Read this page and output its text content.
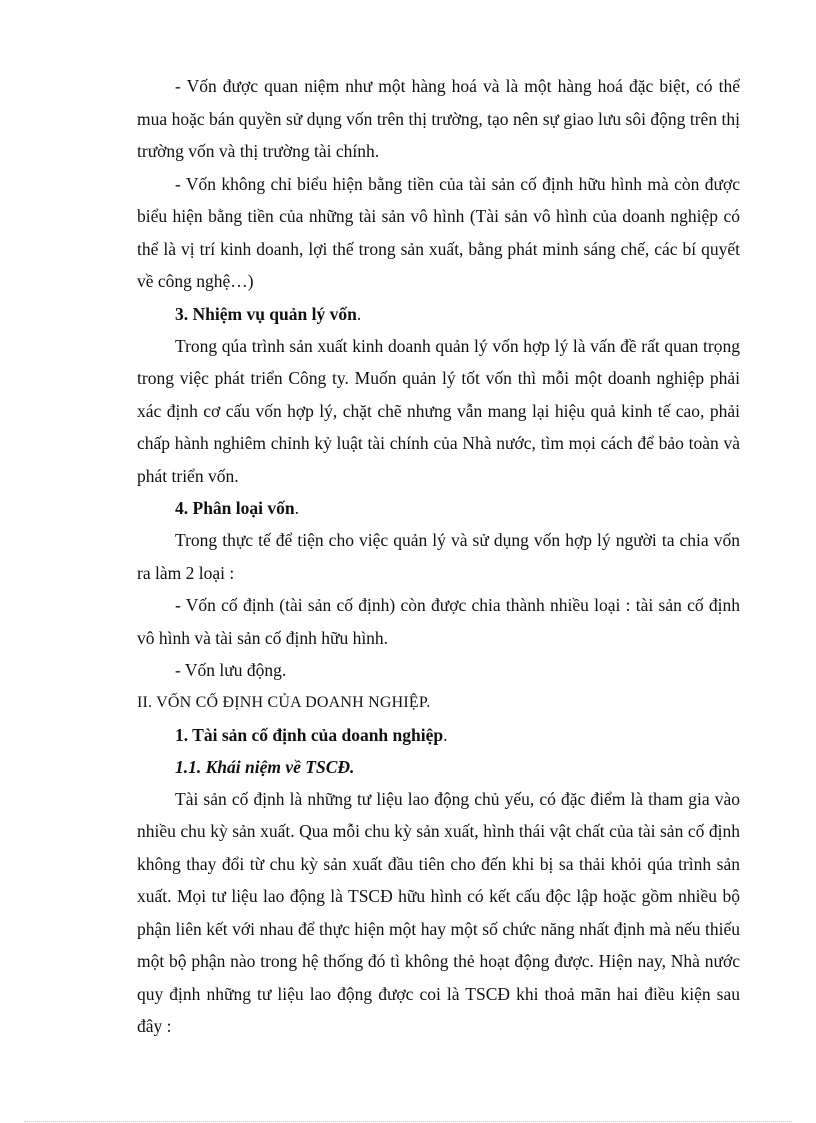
- Vốn được quan niệm như một hàng hoá và là một hàng hoá đặc biệt, có thể mua hoặc bán quyền sử dụng vốn trên thị trường, tạo nên sự giao lưu sôi động trên thị trường vốn và thị trường tài chính.

- Vốn không chỉ biểu hiện bằng tiền của tài sản cố định hữu hình mà còn được biểu hiện bằng tiền của những tài sản vô hình (Tài sản vô hình của doanh nghiệp có thể là vị trí kinh doanh, lợi thế trong sản xuất, bằng phát minh sáng chế, các bí quyết về công nghệ…)

3. Nhiệm vụ quản lý vốn.

Trong qúa trình sản xuất kinh doanh quản lý vốn hợp lý là vấn đề rất quan trọng trong việc phát triển Công ty. Muốn quản lý tốt vốn thì mỗi một doanh nghiệp phải xác định cơ cấu vốn hợp lý, chặt chẽ nhưng vẫn mang lại hiệu quả kinh tế cao, phải chấp hành nghiêm chỉnh kỷ luật tài chính của Nhà nước, tìm mọi cách để bảo toàn và phát triển vốn.

4. Phân loại vốn.

Trong thực tế để tiện cho việc quản lý và sử dụng vốn hợp lý người ta chia vốn ra làm 2 loại :

- Vốn cố định (tài sản cố định) còn được chia thành nhiều loại : tài sản cố định vô hình và tài sản cố định hữu hình.

- Vốn lưu động.

II. VỐN CỐ ĐỊNH CỦA DOANH NGHIỆP.

1. Tài sản cố định của doanh nghiệp.

1.1. Khái niệm về TSCĐ.

Tài sản cố định là những tư liệu lao động chủ yếu, có đặc điểm là tham gia vào nhiều chu kỳ sản xuất. Qua mỗi chu kỳ sản xuất, hình thái vật chất của tài sản cố định không thay đổi từ chu kỳ sản xuất đầu tiên cho đến khi bị sa thải khỏi qúa trình sản xuất. Mọi tư liệu lao động là TSCĐ hữu hình có kết cấu độc lập hoặc gồm nhiều bộ phận liên kết với nhau để thực hiện một hay một số chức năng nhất định mà nếu thiếu một bộ phận nào trong hệ thống đó tì không thẻ hoạt động được. Hiện nay, Nhà nước quy định những tư liệu lao động được coi là TSCĐ khi thoả mãn hai điều kiện sau đây :
